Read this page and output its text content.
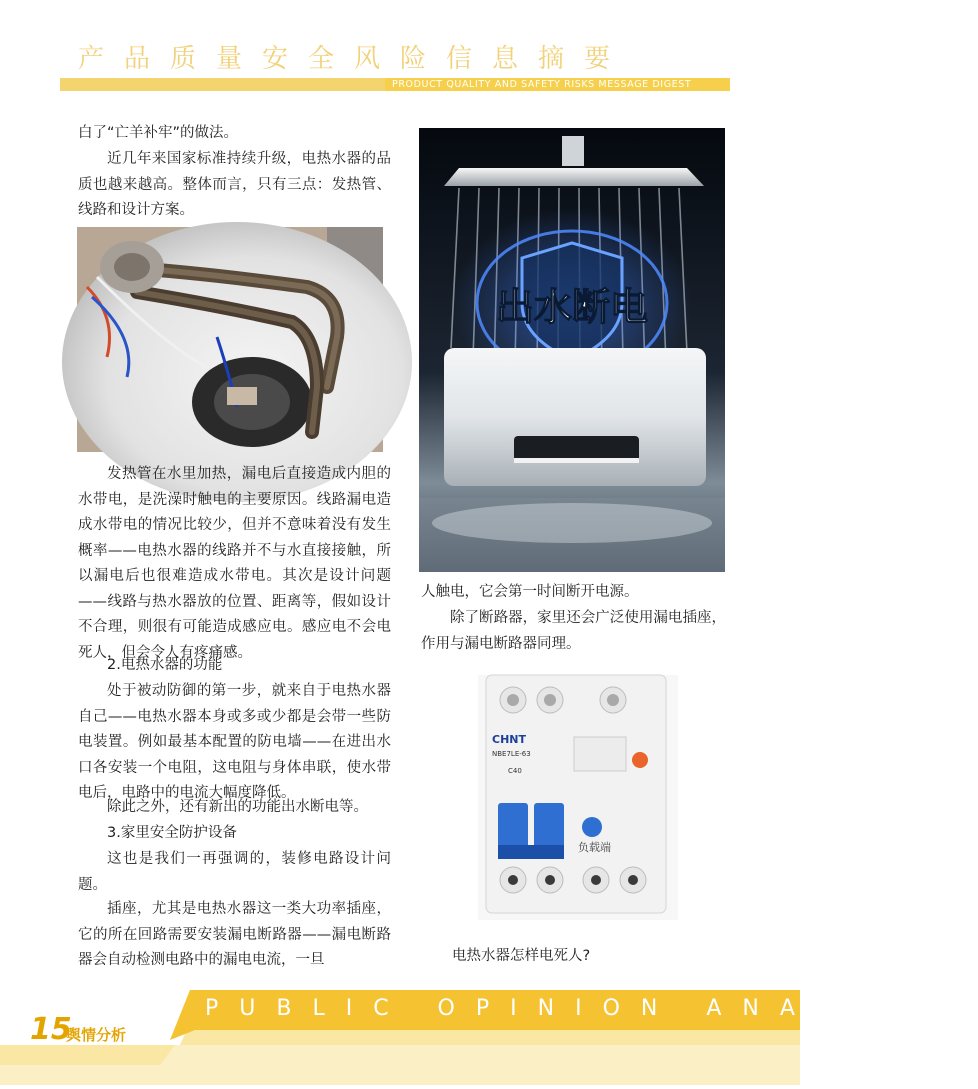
产品质量安全风险信息摘要
PRODUCT QUALITY AND SAFETY RISKS MESSAGE DIGEST

白了“亡羊补牢”的做法。

近几年来国家标准持续升级，电热水器的品质也越来越高。整体而言，只有三点：发热管、线路和设计方案。

发热管在水里加热，漏电后直接造成内胆的水带电，是洗澡时触电的主要原因。线路漏电造成水带电的情况比较少，但并不意味着没有发生概率——电热水器的线路并不与水直接接触，所以漏电后也很难造成水带电。其次是设计问题——线路与热水器放的位置、距离等，假如设计不合理，则很有可能造成感应电。感应电不会电死人，但会令人有疼痛感。

2.电热水器的功能

处于被动防御的第一步，就来自于电热水器自己——电热水器本身或多或少都是会带一些防电装置。例如最基本配置的防电墙——在进出水口各安装一个电阻，这电阻与身体串联，使水带电后，电路中的电流大幅度降低。

除此之外，还有新出的功能出水断电等。

3.家里安全防护设备

这也是我们一再强调的，装修电路设计问题。

插座，尤其是电热水器这一类大功率插座，它的所在回路需要安装漏电断路器——漏电断路器会自动检测电路中的漏电电流，一旦

出水断电

人触电，它会第一时间断开电源。

除了断路器，家里还会广泛使用漏电插座，作用与漏电断路器同理。

CHNT
NBE7LE-63
C40
负载端
电热水器怎样电死人?
PUBLIC OPINION ANALYSIS
15
舆情分析
